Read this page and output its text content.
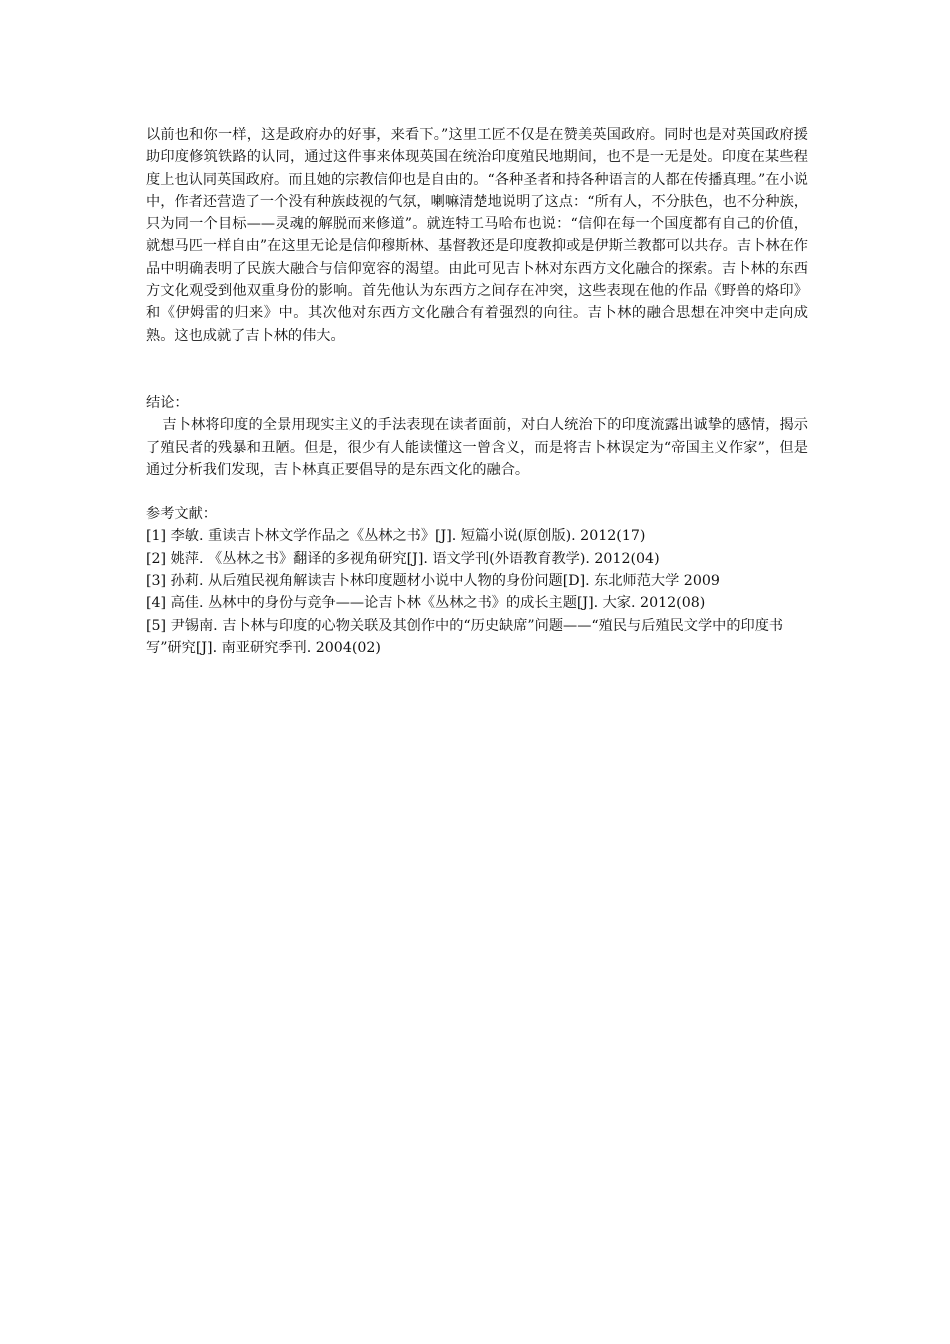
以前也和你一样，这是政府办的好事，来看下。”这里工匠不仅是在赞美英国政府。同时也是对英国政府援助印度修筑铁路的认同，通过这件事来体现英国在统治印度殖民地期间，也不是一无是处。印度在某些程度上也认同英国政府。而且她的宗教信仰也是自由的。“各种圣者和持各种语言的人都在传播真理。”在小说中，作者还营造了一个没有种族歧视的气氛，喇嘛清楚地说明了这点：“所有人，不分肤色，也不分种族，只为同一个目标——灵魂的解脱而来修道”。就连特工马哈布也说：“信仰在每一个国度都有自己的价值，就想马匹一样自由”在这里无论是信仰穆斯林、基督教还是印度教抑或是伊斯兰教都可以共存。吉卜林在作品中明确表明了民族大融合与信仰宽容的渴望。由此可见吉卜林对东西方文化融合的探索。吉卜林的东西方文化观受到他双重身份的影响。首先他认为东西方之间存在冲突，这些表现在他的作品《野兽的烙印》和《伊姆雷的归来》中。其次他对东西方文化融合有着强烈的向往。吉卜林的融合思想在冲突中走向成熟。这也成就了吉卜林的伟大。

结论：

吉卜林将印度的全景用现实主义的手法表现在读者面前，对白人统治下的印度流露出诚挚的感情，揭示了殖民者的残暴和丑陋。但是，很少有人能读懂这一曾含义，而是将吉卜林误定为“帝国主义作家”，但是通过分析我们发现，吉卜林真正要倡导的是东西文化的融合。

参考文献：

[1] 李敏. 重读吉卜林文学作品之《丛林之书》[J]. 短篇小说(原创版). 2012(17)
[2] 姚萍. 《丛林之书》翻译的多视角研究[J]. 语文学刊(外语教育教学). 2012(04)
[3] 孙莉. 从后殖民视角解读吉卜林印度题材小说中人物的身份问题[D]. 东北师范大学 2009
[4] 高佳. 丛林中的身份与竞争——论吉卜林《丛林之书》的成长主题[J]. 大家. 2012(08)
[5] 尹锡南. 吉卜林与印度的心物关联及其创作中的“历史缺席”问题——“殖民与后殖民文学中的印度书写”研究[J]. 南亚研究季刊. 2004(02)
